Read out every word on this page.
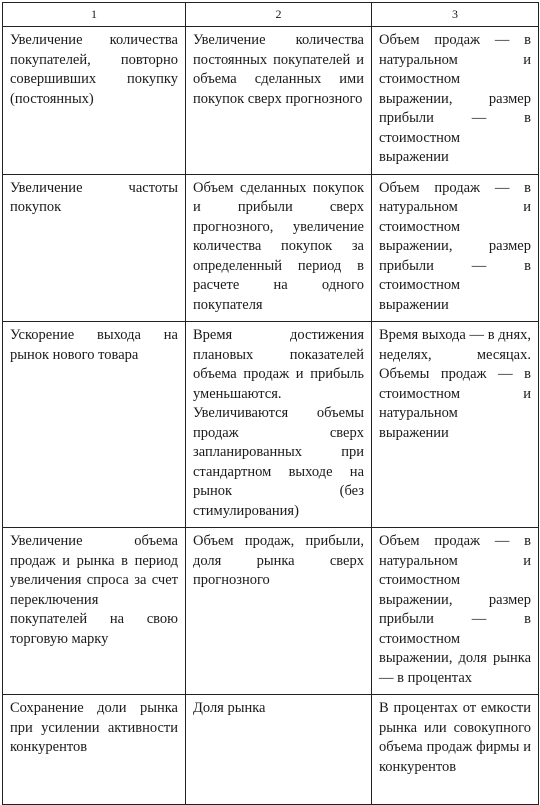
1	2	3
Увеличение количества покупателей, повторно совершивших покупку (постоянных)	Увеличение количества постоянных покупателей и объема сделанных ими покупок сверх прогнозного	Объем продаж — в натуральном и стоимостном выражении, размер прибыли — в стоимостном выражении
Увеличение частоты покупок	Объем сделанных покупок и прибыли сверх прогнозного, увеличение количества покупок за определенный период в расчете на одного покупателя	Объем продаж — в натуральном и стоимостном выражении, размер прибыли — в стоимостном выражении
Ускорение выхода на рынок нового товара	Время достижения плановых показателей объема продаж и прибыль уменьшаются. Увеличиваются объемы продаж сверх запланированных при стандартном выходе на рынок (без стимулирования)	Время выхода — в днях, неделях, месяцах. Объемы продаж — в стоимостном и натуральном выражении
Увеличение объема продаж и рынка в период увеличения спроса за счет переключения покупателей на свою торговую марку	Объем продаж, прибыли, доля рынка сверх прогнозного	Объем продаж — в натуральном и стоимостном выражении, размер прибыли — в стоимостном выражении, доля рынка — в процентах
Сохранение доли рынка при усилении активности конкурентов	Доля рынка	В процентах от емкости рынка или совокупного объема продаж фирмы и конкурентов
